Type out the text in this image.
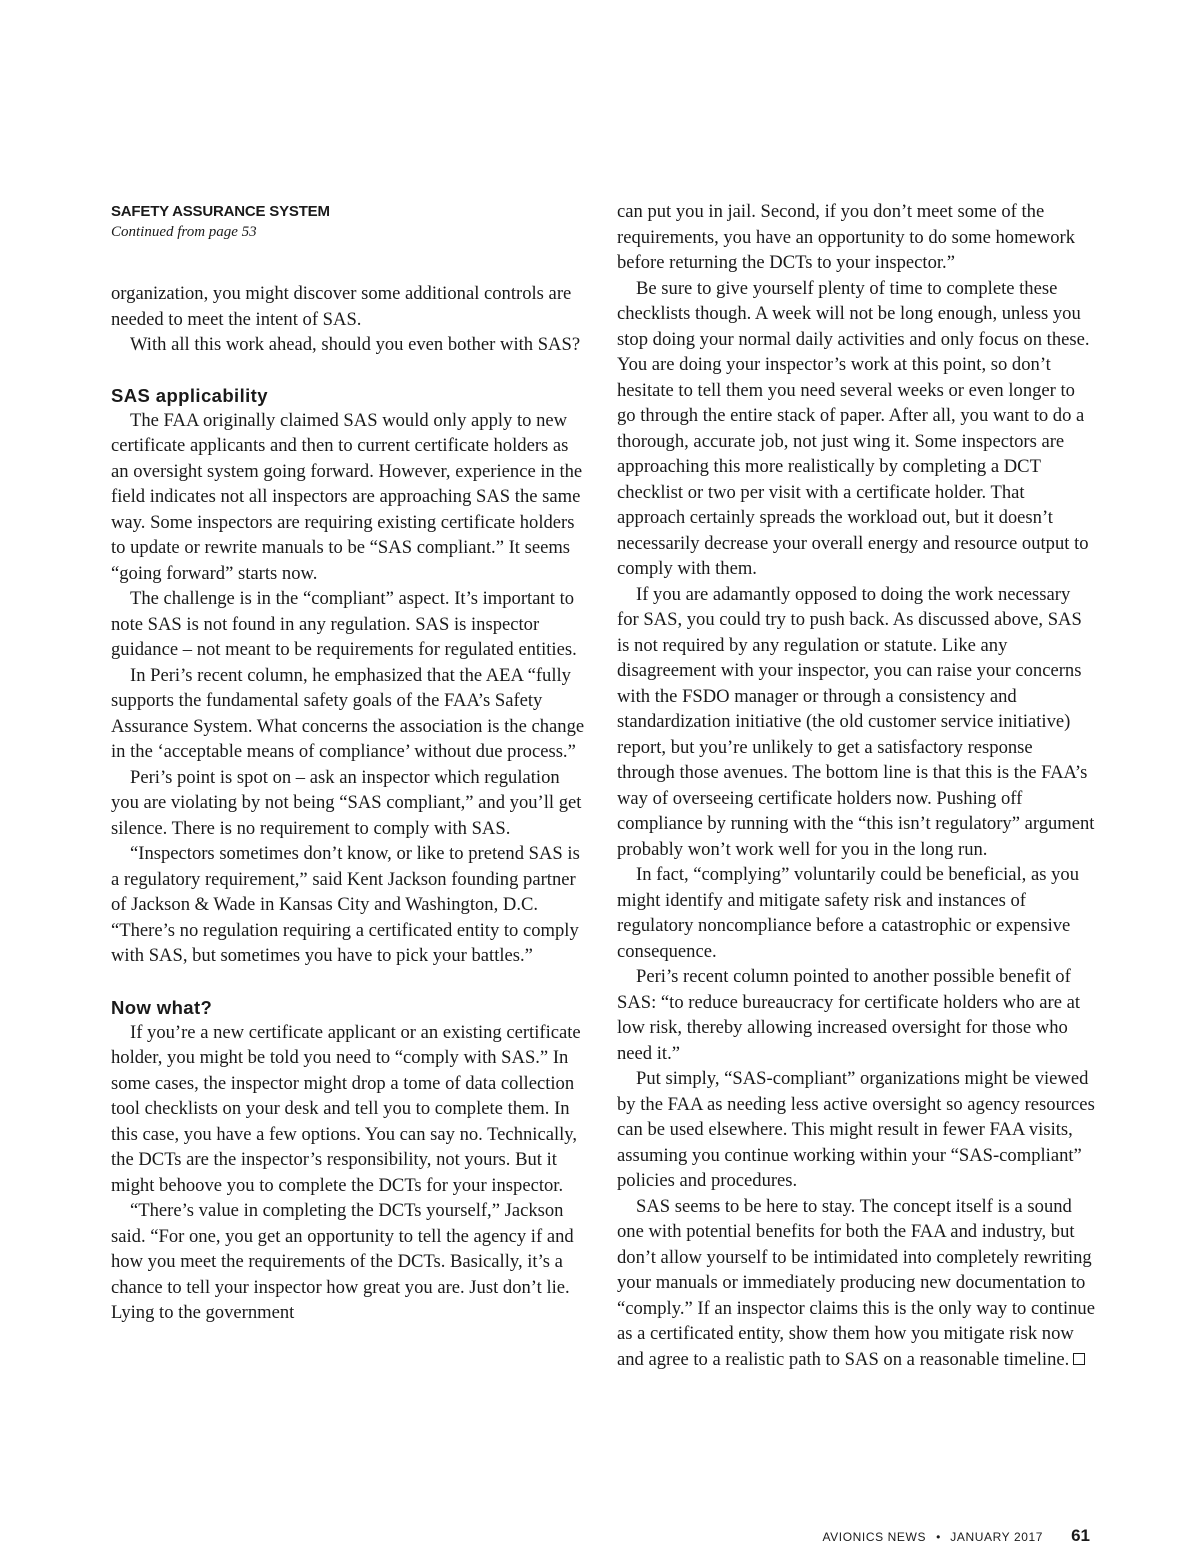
SAFETY ASSURANCE SYSTEM
Continued from page 53

organization, you might discover some additional controls are needed to meet the intent of SAS.

With all this work ahead, should you even bother with SAS?

SAS applicability

The FAA originally claimed SAS would only apply to new certificate applicants and then to current certificate holders as an oversight system going forward. However, experience in the field indicates not all inspectors are approaching SAS the same way. Some inspectors are requiring existing certificate holders to update or rewrite manuals to be “SAS compliant.” It seems “going forward” starts now.

The challenge is in the “compliant” aspect. It’s important to note SAS is not found in any regulation. SAS is inspector guidance – not meant to be requirements for regulated entities.

In Peri’s recent column, he emphasized that the AEA “fully supports the fundamental safety goals of the FAA’s Safety Assurance System. What concerns the association is the change in the ‘acceptable means of compliance’ without due process.”

Peri’s point is spot on – ask an inspector which regulation you are violating by not being “SAS compliant,” and you’ll get silence. There is no requirement to comply with SAS.

“Inspectors sometimes don’t know, or like to pretend SAS is a regulatory requirement,” said Kent Jackson founding partner of Jackson & Wade in Kansas City and Washington, D.C. “There’s no regulation requiring a certificated entity to comply with SAS, but sometimes you have to pick your battles.”

Now what?

If you’re a new certificate applicant or an existing certificate holder, you might be told you need to “comply with SAS.” In some cases, the inspector might drop a tome of data collection tool checklists on your desk and tell you to complete them. In this case, you have a few options. You can say no. Technically, the DCTs are the inspector’s responsibility, not yours. But it might behoove you to complete the DCTs for your inspector.

“There’s value in completing the DCTs yourself,” Jackson said. “For one, you get an opportunity to tell the agency if and how you meet the requirements of the DCTs. Basically, it’s a chance to tell your inspector how great you are. Just don’t lie. Lying to the government

can put you in jail. Second, if you don’t meet some of the requirements, you have an opportunity to do some homework before returning the DCTs to your inspector.”

Be sure to give yourself plenty of time to complete these checklists though. A week will not be long enough, unless you stop doing your normal daily activities and only focus on these. You are doing your inspector’s work at this point, so don’t hesitate to tell them you need several weeks or even longer to go through the entire stack of paper. After all, you want to do a thorough, accurate job, not just wing it. Some inspectors are approaching this more realistically by completing a DCT checklist or two per visit with a certificate holder. That approach certainly spreads the workload out, but it doesn’t necessarily decrease your overall energy and resource output to comply with them.

If you are adamantly opposed to doing the work necessary for SAS, you could try to push back. As discussed above, SAS is not required by any regulation or statute. Like any disagreement with your inspector, you can raise your concerns with the FSDO manager or through a consistency and standardization initiative (the old customer service initiative) report, but you’re unlikely to get a satisfactory response through those avenues. The bottom line is that this is the FAA’s way of overseeing certificate holders now. Pushing off compliance by running with the “this isn’t regulatory” argument probably won’t work well for you in the long run.

In fact, “complying” voluntarily could be beneficial, as you might identify and mitigate safety risk and instances of regulatory noncompliance before a catastrophic or expensive consequence.

Peri’s recent column pointed to another possible benefit of SAS: “to reduce bureaucracy for certificate holders who are at low risk, thereby allowing increased oversight for those who need it.”

Put simply, “SAS-compliant” organizations might be viewed by the FAA as needing less active oversight so agency resources can be used elsewhere. This might result in fewer FAA visits, assuming you continue working within your “SAS-compliant” policies and procedures.

SAS seems to be here to stay. The concept itself is a sound one with potential benefits for both the FAA and industry, but don’t allow yourself to be intimidated into completely rewriting your manuals or immediately producing new documentation to “comply.” If an inspector claims this is the only way to continue as a certificated entity, show them how you mitigate risk now and agree to a realistic path to SAS on a reasonable timeline.

AVIONICS NEWS • JANUARY 2017 61
